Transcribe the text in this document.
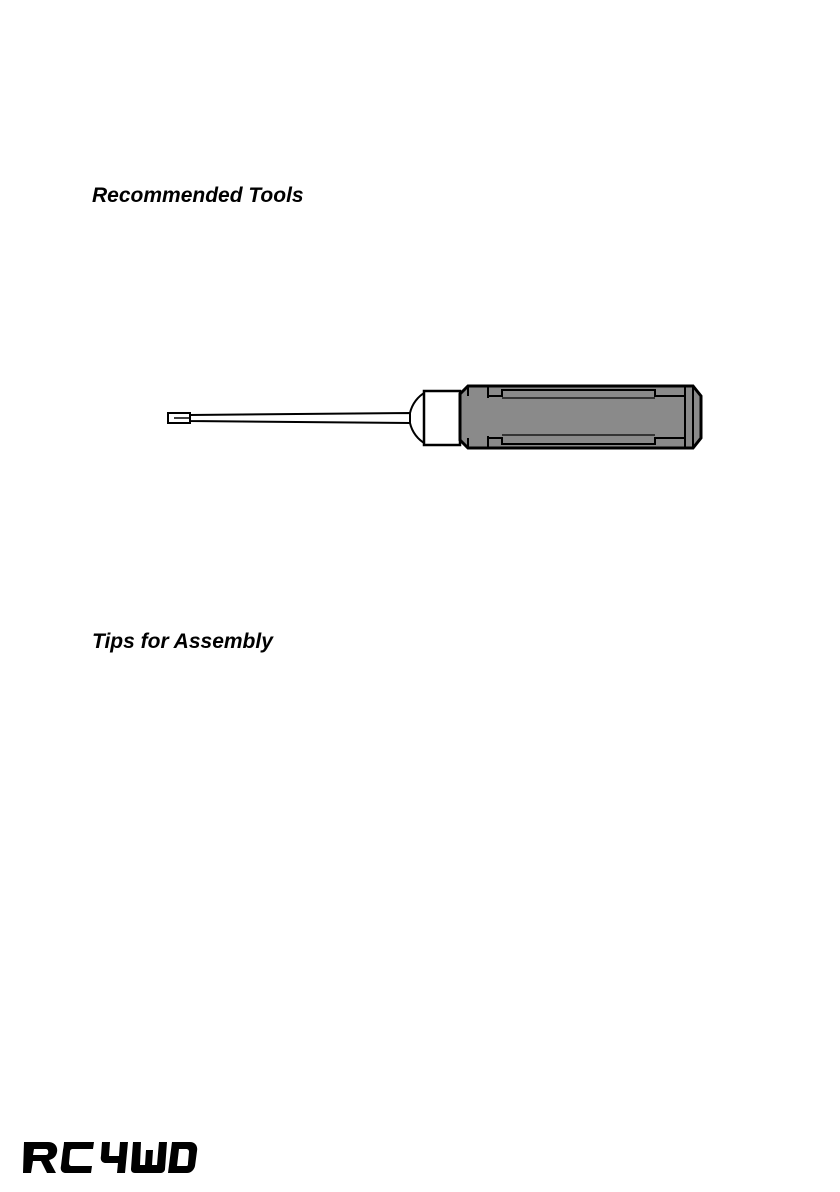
Recommended Tools
Tips for Assembly
